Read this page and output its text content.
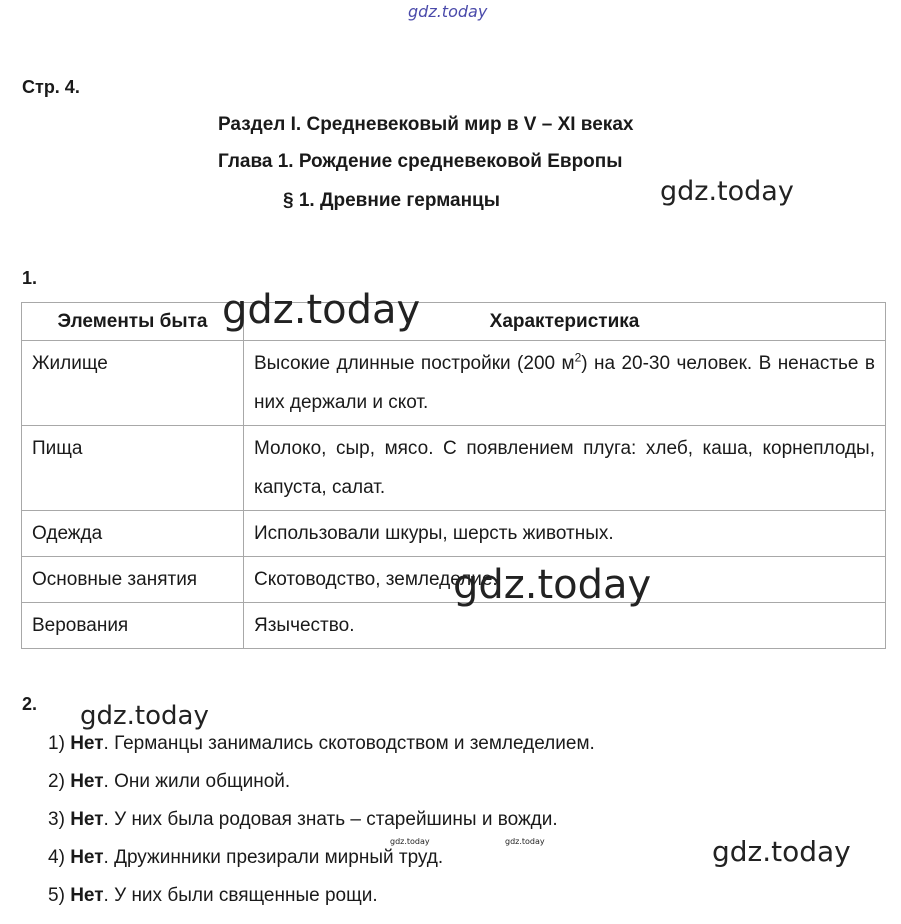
gdz.today
Стр. 4.
Раздел I. Средневековый мир в V – XI веках
Глава 1. Рождение средневековой Европы
§ 1. Древние германцы
1.
Элементы быта	Характеристика
Жилище	Высокие длинные постройки (200 $м^2$) на 20-30 человек. В ненастье в них держали и скот.
Пища	Молоко, сыр, мясо. С появлением плуга: хлеб, каша, корнеплоды, капуста, салат.
Одежда	Использовали шкуры, шерсть животных.
Основные занятия	Скотоводство, земледелие.
Верования	Язычество.
2.
1) Нет. Германцы занимались скотоводством и земледелием.
2) Нет. Они жили общиной.
3) Нет. У них была родовая знать – старейшины и вожди.
4) Нет. Дружинники презирали мирный труд.
5) Нет. У них были священные рощи.
gdz.today
gdz.today
gdz.today
gdz.today
gdz.today
gdz.today	gdz.today
